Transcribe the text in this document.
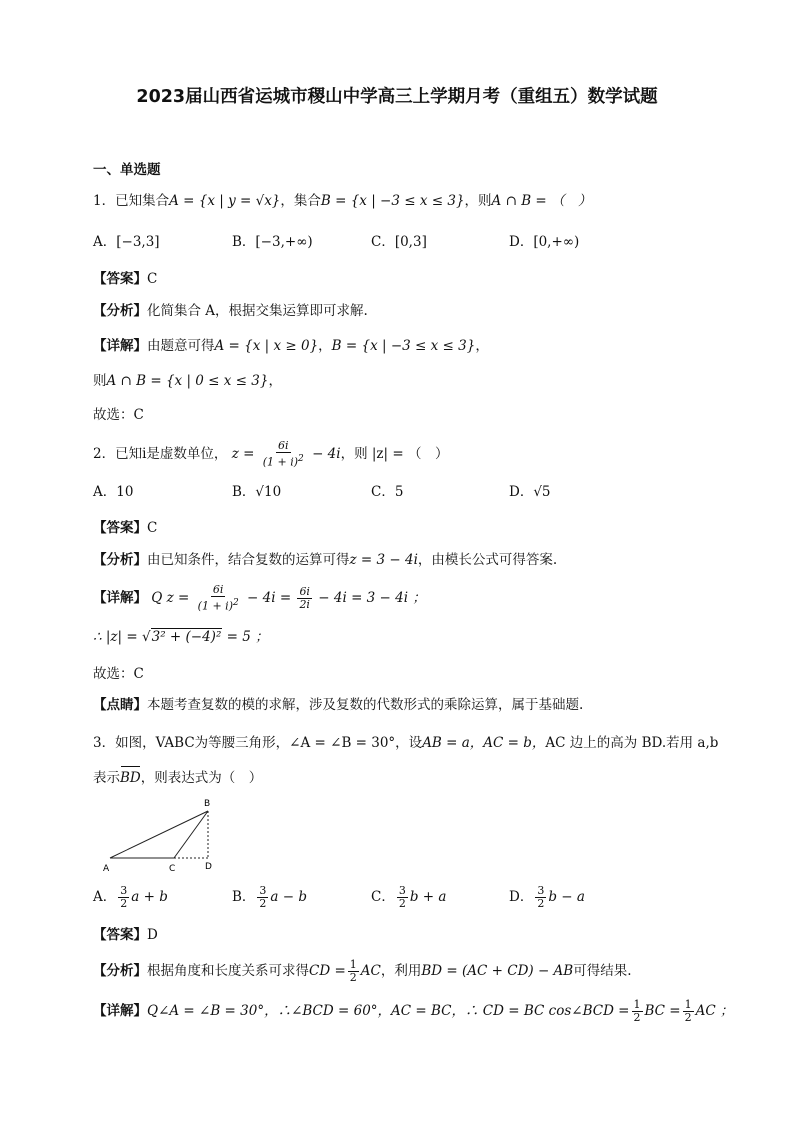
2023届山西省运城市稷山中学高三上学期月考（重组五）数学试题
一、单选题
1．已知集合A = {x | y = √x}，集合B = {x | −3 ≤ x ≤ 3}，则A ∩ B = （　）
A．[−3,3]	B．[−3,+∞)	C．[0,3]	D．[0,+∞)
【答案】C
【分析】化简集合 A，根据交集运算即可求解.
【详解】由题意可得A = {x | x ≥ 0}，B = {x | −3 ≤ x ≤ 3}，
则A ∩ B = {x | 0 ≤ x ≤ 3}，
故选：C
2．已知i是虚数单位， $z = \frac{6i}{(1 + i)^2} - 4i$，则 |z| = （　）
A．10	B．√10	C．5	D．√5
【答案】C
【分析】由已知条件，结合复数的运算可得z = 3 − 4i，由模长公式可得答案.
【详解】 Q $z = \frac{6i}{(1 + i)^2} - 4i = \frac{6i}{2i} - 4i = 3 - 4i$ ；
∴ |z| = √3² + (−4)² = 5 ；
故选：C
【点睛】本题考查复数的模的求解，涉及复数的代数形式的乘除运算，属于基础题.
3．如图，VABC为等腰三角形，∠A = ∠B = 30°，设AB = a，AC = b，AC 边上的高为 BD.若用 a,b
表示BD，则表达式为（　）
A
B
C	D
A． $\frac{3}{2}$ a + b	B． $\frac{3}{2}$ a − b	C． $\frac{3}{2}$ b + a	D． $\frac{3}{2}$ b − a
【答案】D
【分析】根据角度和长度关系可求得CD = $\frac{1}{2}$ AC，利用BD = (AC + CD) − AB可得结果.
【详解】Q∠A = ∠B = 30°，∴∠BCD = 60°，AC = BC，∴ CD = BC cos∠BCD = $\frac{1}{2}$ BC = $\frac{1}{2}$ AC ；
